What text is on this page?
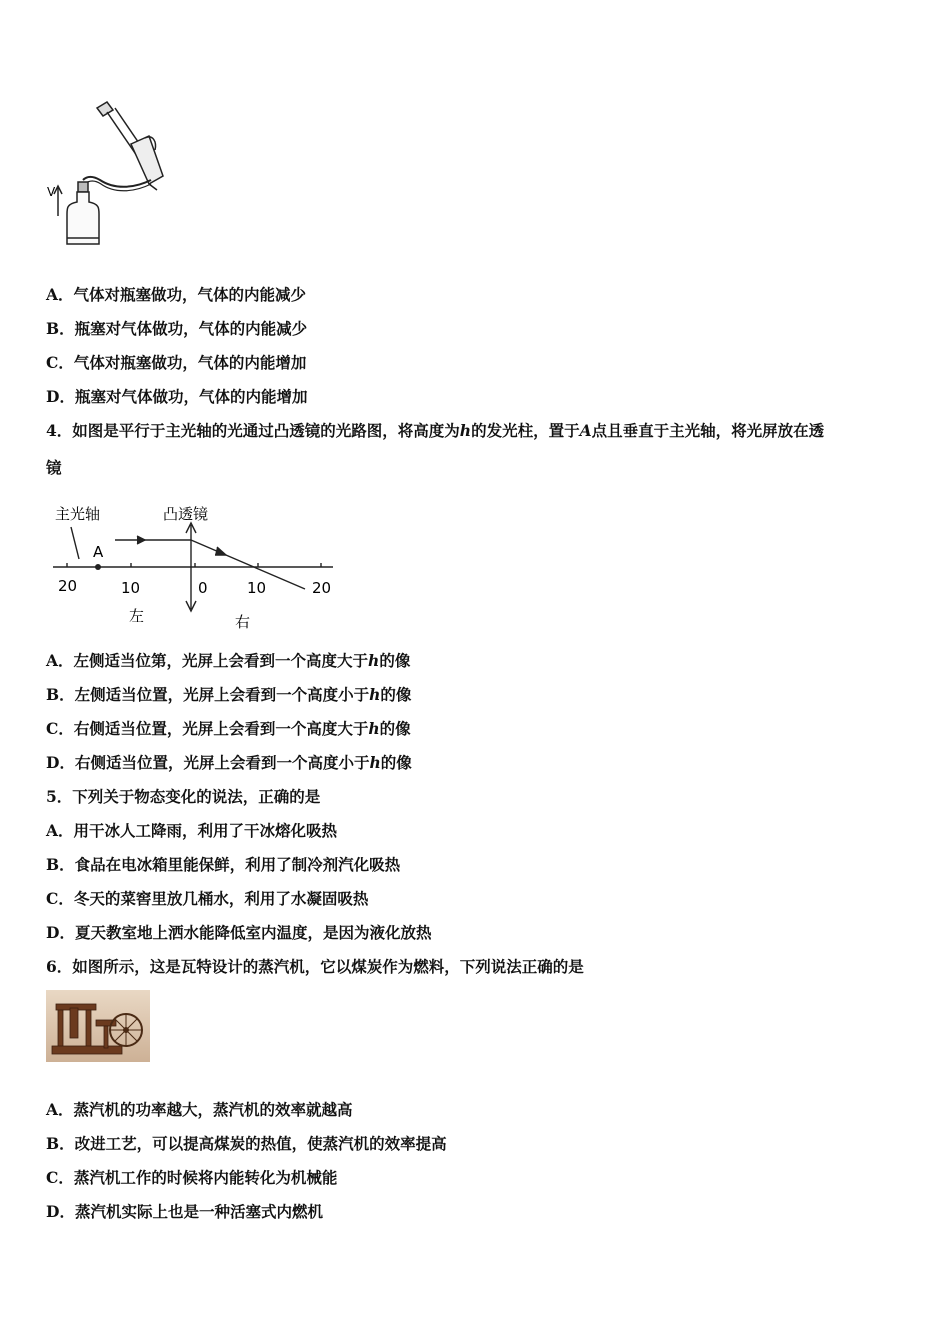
V
A．气体对瓶塞做功，气体的内能减少
B．瓶塞对气体做功，气体的内能减少
C．气体对瓶塞做功，气体的内能增加
D．瓶塞对气体做功，气体的内能增加
4．如图是平行于主光轴的光通过凸透镜的光路图，将高度为h的发光柱，置于A点且垂直于主光轴，将光屏放在透
镜
主光轴	凸透镜
A
20	10	0	10	20
左	右
A．左侧适当位第，光屏上会看到一个高度大于h的像
B．左侧适当位置，光屏上会看到一个高度小于h的像
C．右侧适当位置，光屏上会看到一个高度大于h的像
D．右侧适当位置，光屏上会看到一个高度小于h的像
5．下列关于物态变化的说法，正确的是
A．用干冰人工降雨，利用了干冰熔化吸热
B．食品在电冰箱里能保鲜，利用了制冷剂汽化吸热
C．冬天的菜窖里放几桶水，利用了水凝固吸热
D．夏天教室地上洒水能降低室内温度，是因为液化放热
6．如图所示，这是瓦特设计的蒸汽机，它以煤炭作为燃料，下列说法正确的是
A．蒸汽机的功率越大，蒸汽机的效率就越高
B．改进工艺，可以提高煤炭的热值，使蒸汽机的效率提高
C．蒸汽机工作的时候将内能转化为机械能
D．蒸汽机实际上也是一种活塞式内燃机
